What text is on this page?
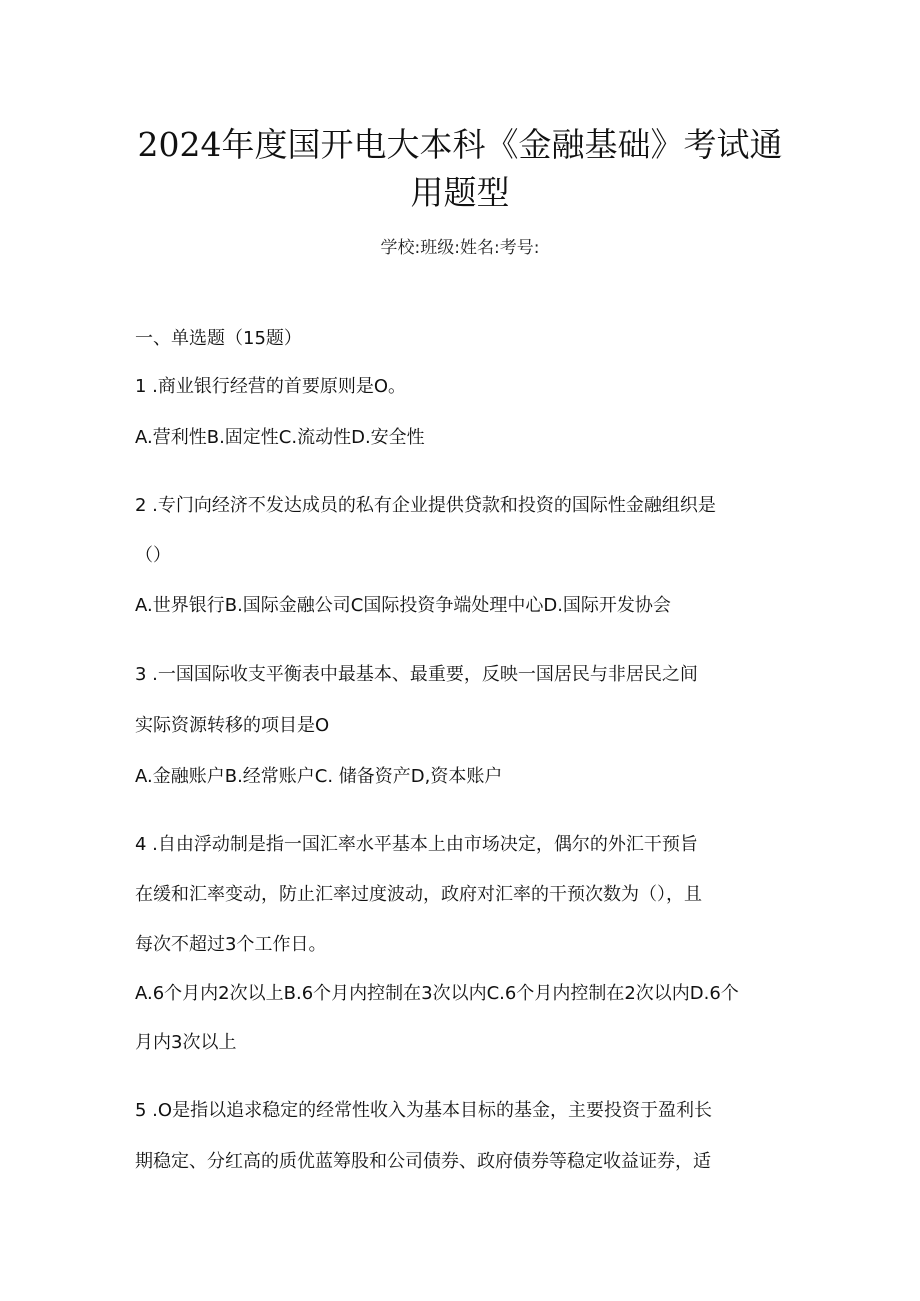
2024年度国开电大本科《金融基础》考试通
用题型
学校:班级:姓名:考号:
一、单选题（15题）
1 .商业银行经营的首要原则是O。
A.营利性B.固定性C.流动性D.安全性
2 .专门向经济不发达成员的私有企业提供贷款和投资的国际性金融组织是
（）
A.世界银行B.国际金融公司C国际投资争端处理中心D.国际开发协会
3 .一国国际收支平衡表中最基本、最重要，反映一国居民与非居民之间
实际资源转移的项目是O
A.金融账户B.经常账户C. 储备资产D,资本账户
4 .自由浮动制是指一国汇率水平基本上由市场决定，偶尔的外汇干预旨
在缓和汇率变动，防止汇率过度波动，政府对汇率的干预次数为（），且
每次不超过3个工作日。
A.6个月内2次以上B.6个月内控制在3次以内C.6个月内控制在2次以内D.6个
月内3次以上
5 .O是指以追求稳定的经常性收入为基本目标的基金，主要投资于盈利长
期稳定、分红高的质优蓝筹股和公司债券、政府债券等稳定收益证券，适
